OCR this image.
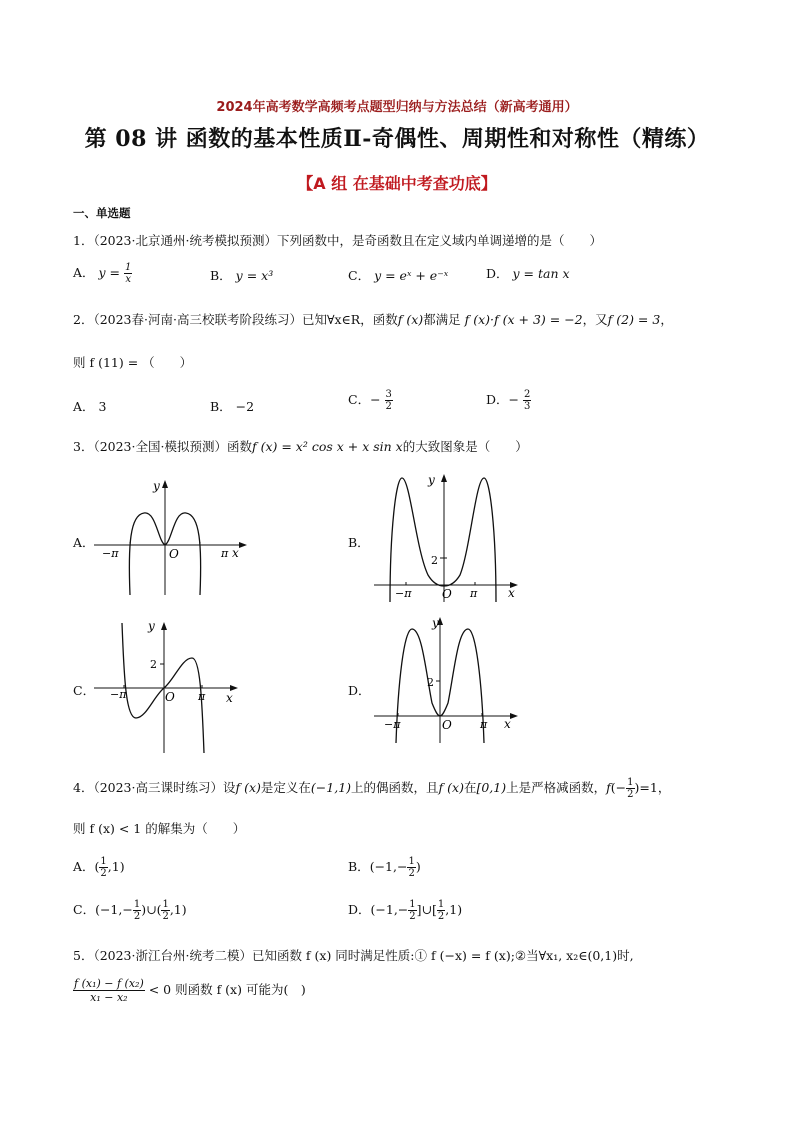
2024年高考数学高频考点题型归纳与方法总结（新高考通用）
第 08 讲 函数的基本性质Ⅱ-奇偶性、周期性和对称性（精练）
【A 组 在基础中考查功底】
一、单选题
1．（2023·北京通州·统考模拟预测）下列函数中，是奇函数且在定义域内单调递增的是（　　）
A． $y = \frac{1}{x}$	B． y = x³	C． y = eˣ + e⁻ˣ	D． y = tan x
2．（2023春·河南·高三校联考阶段练习）已知∀x∈R，函数f (x)都满足 f (x)·f (x + 3) = −2，又f (2) = 3，
则 f (11) = （　　）
A． 3	B． −2	C．− $\frac{3}{2}$	D．− $\frac{2}{3}$
3．（2023·全国·模拟预测）函数f (x) = x² cos x + x sin x的大致图象是（　　）
A．	B．
C．	D．
−π	O	π x
y
−π	O π	x
y
2
−π	O π x
y
2
−π	O	π x
y
2
4．（2023·高三课时练习）设f (x)是定义在(−1,1)上的偶函数，且f (x)在[0,1)上是严格减函数，$f(- \frac{1}{2} )=1$，
则 f (x) < 1 的解集为（　　）
A．( $\frac{1}{2} ,1$)	B．($-1,- \frac{1}{2}$ )
C．($-1,- \frac{1}{2}$ )∪( $\frac{1}{2} ,1$)	D．($-1,- \frac{1}{2}$ ]∪[ $\frac{1}{2} ,1$)
5．（2023·浙江台州·统考二模）已知函数 f (x) 同时满足性质:① f (−x) = f (x);②当∀x₁, x₂∈(0,1)时,
$\frac{\text{f (x₁) − f (x₂)}}{\text{x₁ − x₂}} < 0$ 则函数 f (x) 可能为(　)
